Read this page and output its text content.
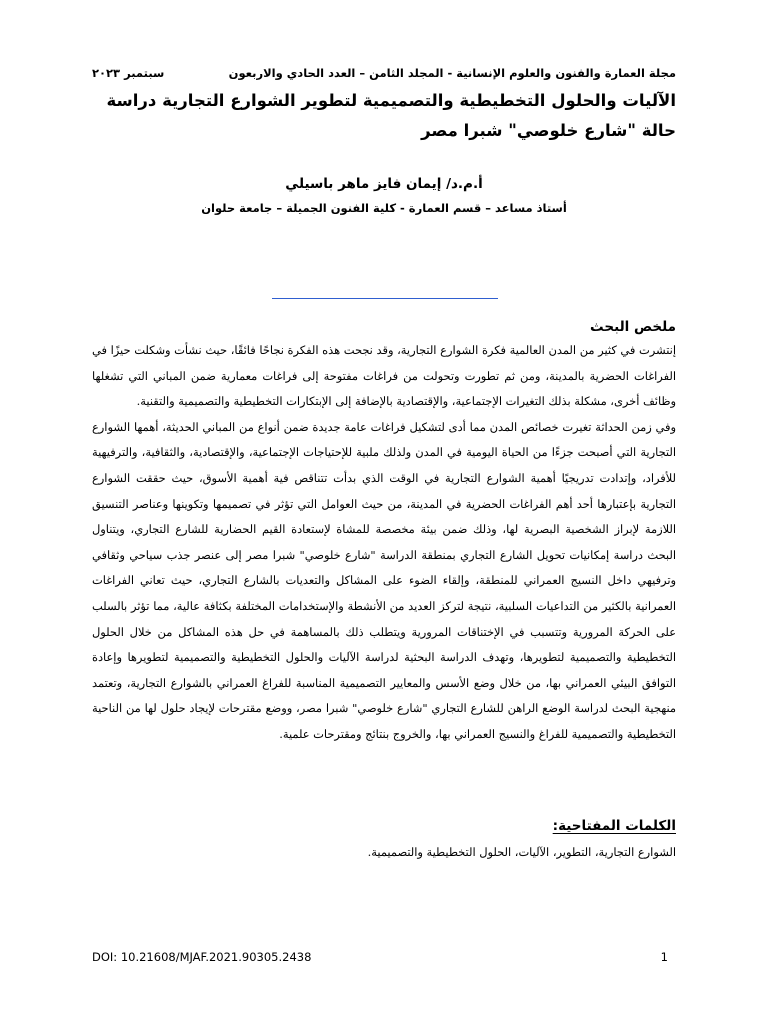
مجلة العمارة والفنون والعلوم الإنسانية - المجلد الثامن – العدد الحادي والاربعون
سبتمبر ٢٠٢٣
الآليات والحلول التخطيطية والتصميمية لتطوير الشوارع التجارية دراسة حالة "شارع خلوصي" شبرا مصر
أ.م.د/ إيمان فايز ماهر باسيلي
أستاذ مساعد – قسم العمارة - كلية الفنون الجميلة – جامعة حلوان
ملخص البحث

إنتشرت في كثير من المدن العالمية فكرة الشوارع التجارية، وقد نجحت هذه الفكرة نجاحًا فائقًا، حيث نشأت وشكلت حيزًا في الفراغات الحضرية بالمدينة، ومن ثم تطورت وتحولت من فراغات مفتوحة إلى فراغات معمارية ضمن المباني التي تشغلها وظائف أخرى، مشكلة بذلك التغيرات الإجتماعية، والإقتصادية بالإضافة إلى الإبتكارات التخطيطية والتصميمية والتقنية.

وفي زمن الحداثة تغيرت خصائص المدن مما أدى لتشكيل فراغات عامة جديدة ضمن أنواع من المباني الحديثة، أهمها الشوارع التجارية التي أصبحت جزءًا من الحياة اليومية في المدن ولذلك ملبية للإحتياجات الإجتماعية، والإقتصادية، والثقافية، والترفيهية للأفراد، وإتدادت تدريجيًا أهمية الشوارع التجارية في الوقت الذي بدأت تتناقص فية أهمية الأسوق، حيث حققت الشوارع التجارية بإعتبارها أحد أهم الفراغات الحضرية في المدينة، من حيث العوامل التي تؤثر في تصميمها وتكوينها وعناصر التنسيق اللازمة لإبراز الشخصية البصرية لها، وذلك ضمن بيئة مخصصة للمشاة لإستعادة القيم الحضارية للشارع التجاري، ويتناول البحث دراسة إمكانيات تحويل الشارع التجاري بمنطقة الدراسة "شارع خلوصي" شبرا مصر إلى عنصر جذب سياحي وثقافي وترفيهي داخل النسيج العمراني للمنطقة، وإلقاء الضوء على المشاكل والتعديات بالشارع التجاري، حيث تعاني الفراغات العمرانية بالكثير من التداعيات السلبية، نتيجة لتركز العديد من الأنشطة والإستخدامات المختلفة بكثافة عالية، مما تؤثر بالسلب على الحركة المرورية وتتسبب في الإختناقات المرورية ويتطلب ذلك بالمساهمة في حل هذه المشاكل من خلال الحلول التخطيطية والتصميمية لتطويرها، وتهدف الدراسة البحثية لدراسة الآليات والحلول التخطيطية والتصميمية لتطويرها وإعادة التوافق البيئي العمراني بها، من خلال وضع الأسس والمعايير التصميمية المناسبة للفراغ العمراني بالشوارع التجارية، وتعتمد منهجية البحث لدراسة الوضع الراهن للشارع التجاري "شارع خلوصي" شبرا مصر، ووضع مقترحات لإيجاد حلول لها من الناحية التخطيطية والتصميمية للفراغ والنسيج العمراني بها، والخروج بنتائج ومقترحات علمية.

الكلمات المفتاحية:
الشوارع التجارية، التطوير، الآليات، الحلول التخطيطية والتصميمية.
DOI: 10.21608/MJAF.2021.90305.2438	1
